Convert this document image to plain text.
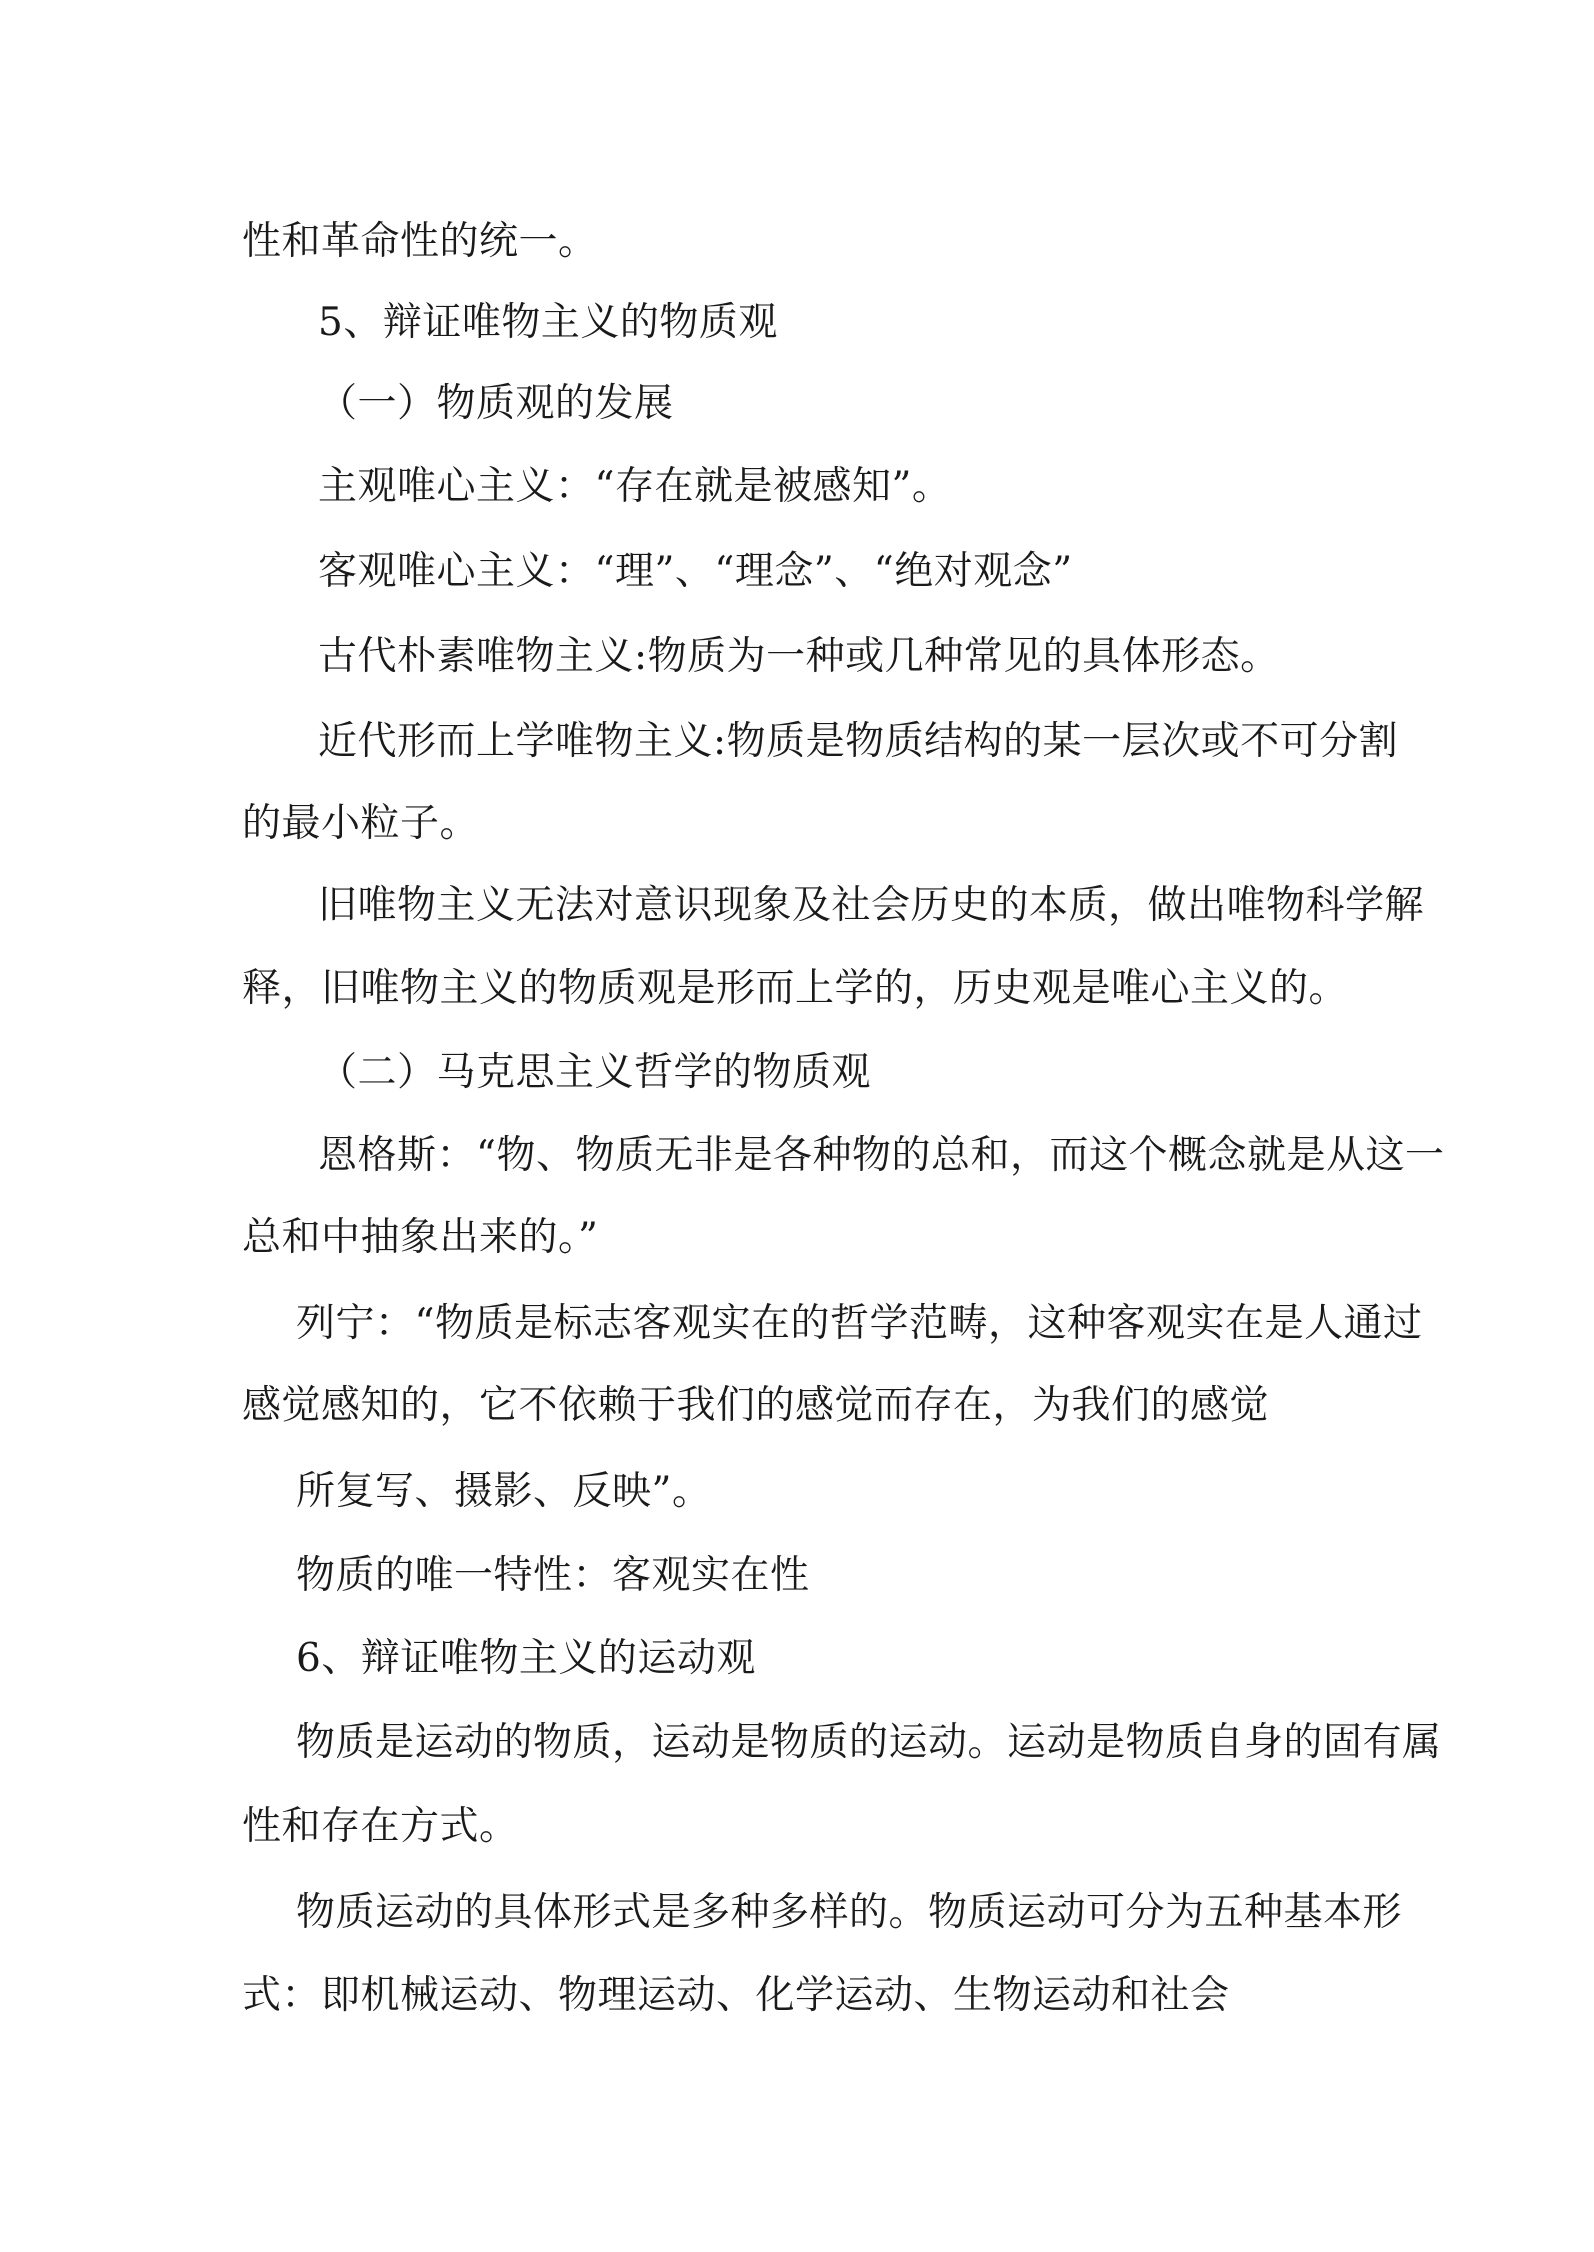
性和革命性的统一。
5、辩证唯物主义的物质观
（一）物质观的发展
主观唯心主义：“存在就是被感知”。
客观唯心主义：“理”、“理念”、“绝对观念”
古代朴素唯物主义:物质为一种或几种常见的具体形态。
近代形而上学唯物主义:物质是物质结构的某一层次或不可分割
的最小粒子。
旧唯物主义无法对意识现象及社会历史的本质，做出唯物科学解
释，旧唯物主义的物质观是形而上学的，历史观是唯心主义的。
（二）马克思主义哲学的物质观
恩格斯：“物、物质无非是各种物的总和，而这个概念就是从这一
总和中抽象出来的。”
列宁：“物质是标志客观实在的哲学范畴，这种客观实在是人通过
感觉感知的，它不依赖于我们的感觉而存在，为我们的感觉
所复写、摄影、反映”。
物质的唯一特性：客观实在性
6、辩证唯物主义的运动观
物质是运动的物质，运动是物质的运动。运动是物质自身的固有属
性和存在方式。
物质运动的具体形式是多种多样的。物质运动可分为五种基本形
式：即机械运动、物理运动、化学运动、生物运动和社会
